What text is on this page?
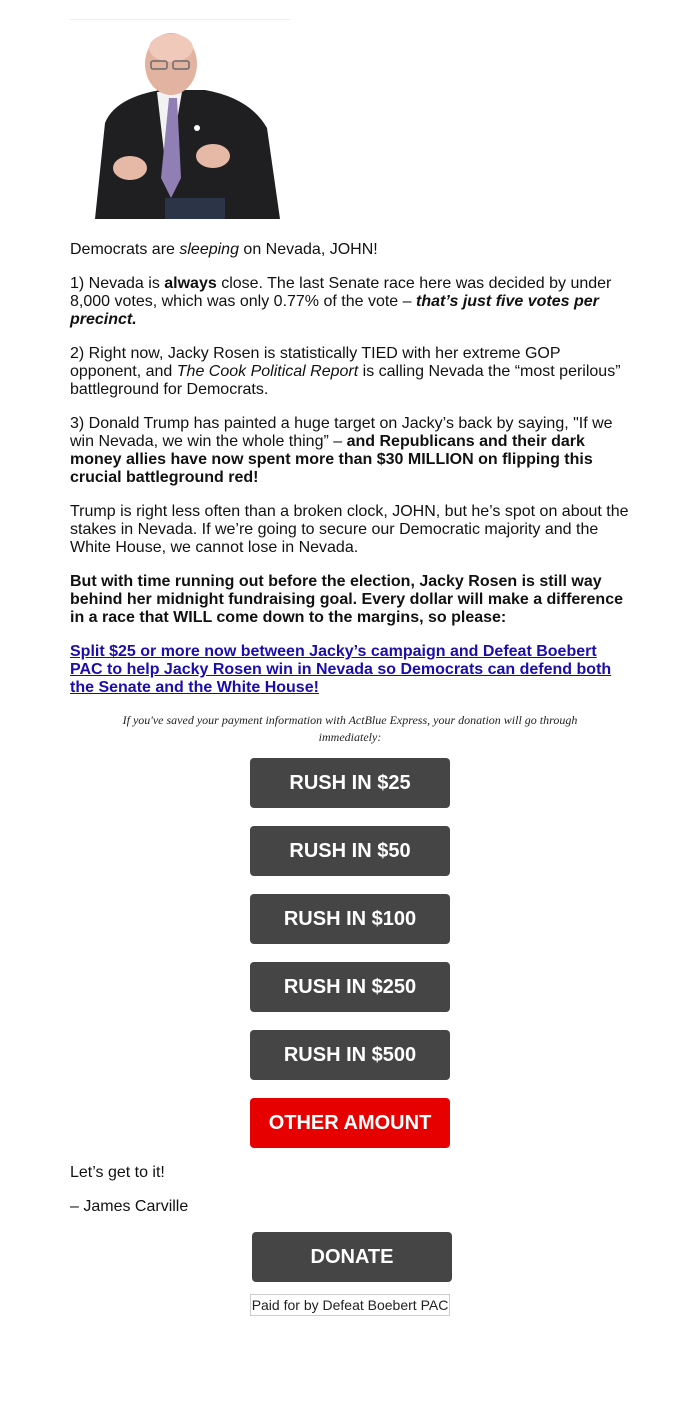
Democrats are sleeping on Nevada, JOHN!

1) Nevada is always close. The last Senate race here was decided by under 8,000 votes, which was only 0.77% of the vote – that’s just five votes per precinct.

2) Right now, Jacky Rosen is statistically TIED with her extreme GOP opponent, and The Cook Political Report is calling Nevada the “most perilous” battleground for Democrats.

3) Donald Trump has painted a huge target on Jacky’s back by saying, "If we win Nevada, we win the whole thing” – and Republicans and their dark money allies have now spent more than $30 MILLION on flipping this crucial battleground red!

Trump is right less often than a broken clock, JOHN, but he’s spot on about the stakes in Nevada. If we’re going to secure our Democratic majority and the White House, we cannot lose in Nevada.

But with time running out before the election, Jacky Rosen is still way behind her midnight fundraising goal. Every dollar will make a difference in a race that WILL come down to the margins, so please:

Split $25 or more now between Jacky’s campaign and Defeat Boebert PAC to help Jacky Rosen win in Nevada so Democrats can defend both the Senate and the White House!

If you've saved your payment information with ActBlue Express, your donation will go through immediately:
RUSH IN $25
RUSH IN $50
RUSH IN $100
RUSH IN $250
RUSH IN $500
OTHER AMOUNT

Let’s get to it!

– James Carville

DONATE
Paid for by Defeat Boebert PAC
